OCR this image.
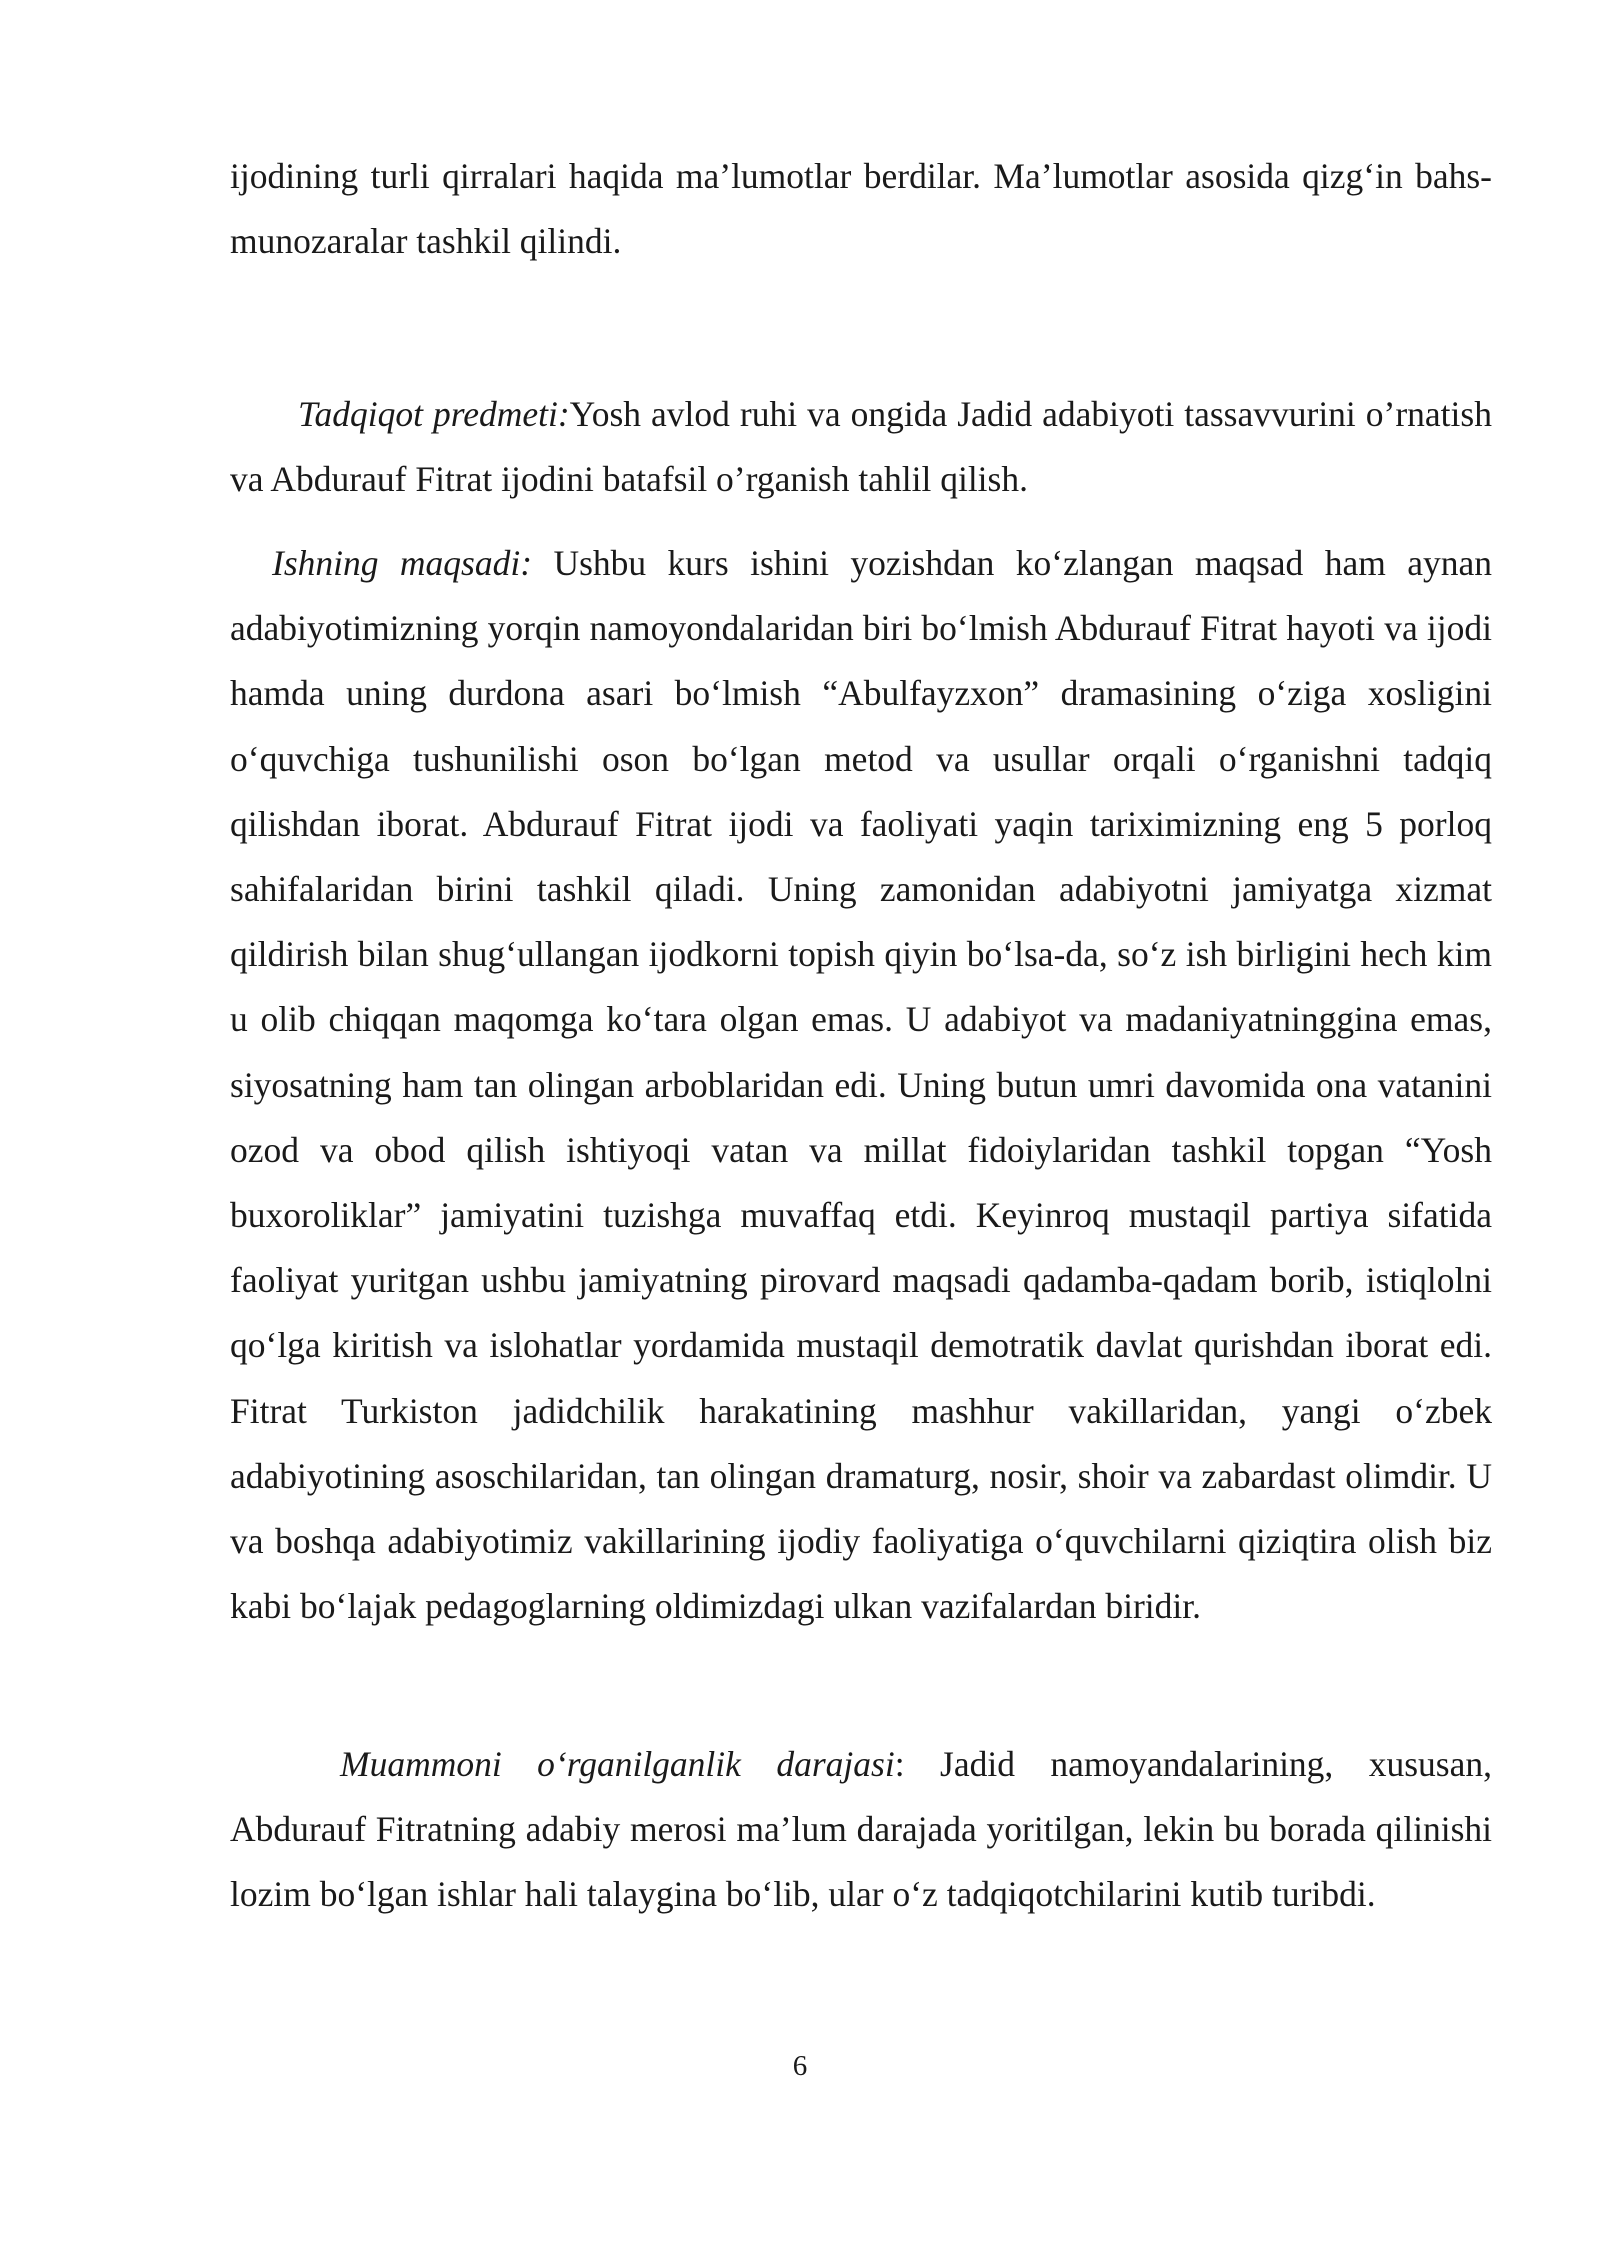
ijodining turli qirralari haqida ma’lumotlar berdilar. Ma’lumotlar asosida qizg‘in bahs-munozaralar tashkil qilindi.

Tadqiqot predmeti:Yosh avlod ruhi va ongida Jadid adabiyoti tassavvurini o’rnatish va Abdurauf Fitrat ijodini batafsil o’rganish tahlil qilish.

Ishning maqsadi: Ushbu kurs ishini yozishdan ko‘zlangan maqsad ham aynan adabiyotimizning yorqin namoyondalaridan biri bo‘lmish Abdurauf Fitrat hayoti va ijodi hamda uning durdona asari bo‘lmish “Abulfayzxon” dramasining o‘ziga xosligini o‘quvchiga tushunilishi oson bo‘lgan metod va usullar orqali o‘rganishni tadqiq qilishdan iborat. Abdurauf Fitrat ijodi va faoliyati yaqin tariximizning eng 5 porloq sahifalaridan birini tashkil qiladi. Uning zamonidan adabiyotni jamiyatga xizmat qildirish bilan shug‘ullangan ijodkorni topish qiyin bo‘lsa-da, so‘z ish birligini hech kim u olib chiqqan maqomga ko‘tara olgan emas. U adabiyot va madaniyatninggina emas, siyosatning ham tan olingan arboblaridan edi. Uning butun umri davomida ona vatanini ozod va obod qilish ishtiyoqi vatan va millat fidoiylaridan tashkil topgan “Yosh buxoroliklar” jamiyatini tuzishga muvaffaq etdi. Keyinroq mustaqil partiya sifatida faoliyat yuritgan ushbu jamiyatning pirovard maqsadi qadamba-qadam borib, istiqlolni qo‘lga kiritish va islohatlar yordamida mustaqil demotratik davlat qurishdan iborat edi. Fitrat Turkiston jadidchilik harakatining mashhur vakillaridan, yangi o‘zbek adabiyotining asoschilaridan, tan olingan dramaturg, nosir, shoir va zabardast olimdir. U va boshqa adabiyotimiz vakillarining ijodiy faoliyatiga o‘quvchilarni qiziqtira olish biz kabi bo‘lajak pedagoglarning oldimizdagi ulkan vazifalardan biridir.

Muammoni o‘rganilganlik darajasi: Jadid namoyandalarining, xususan, Abdurauf Fitratning adabiy merosi ma’lum darajada yoritilgan, lekin bu borada qilinishi lozim bo‘lgan ishlar hali talaygina bo‘lib, ular o‘z tadqiqotchilarini kutib turibdi.

6
